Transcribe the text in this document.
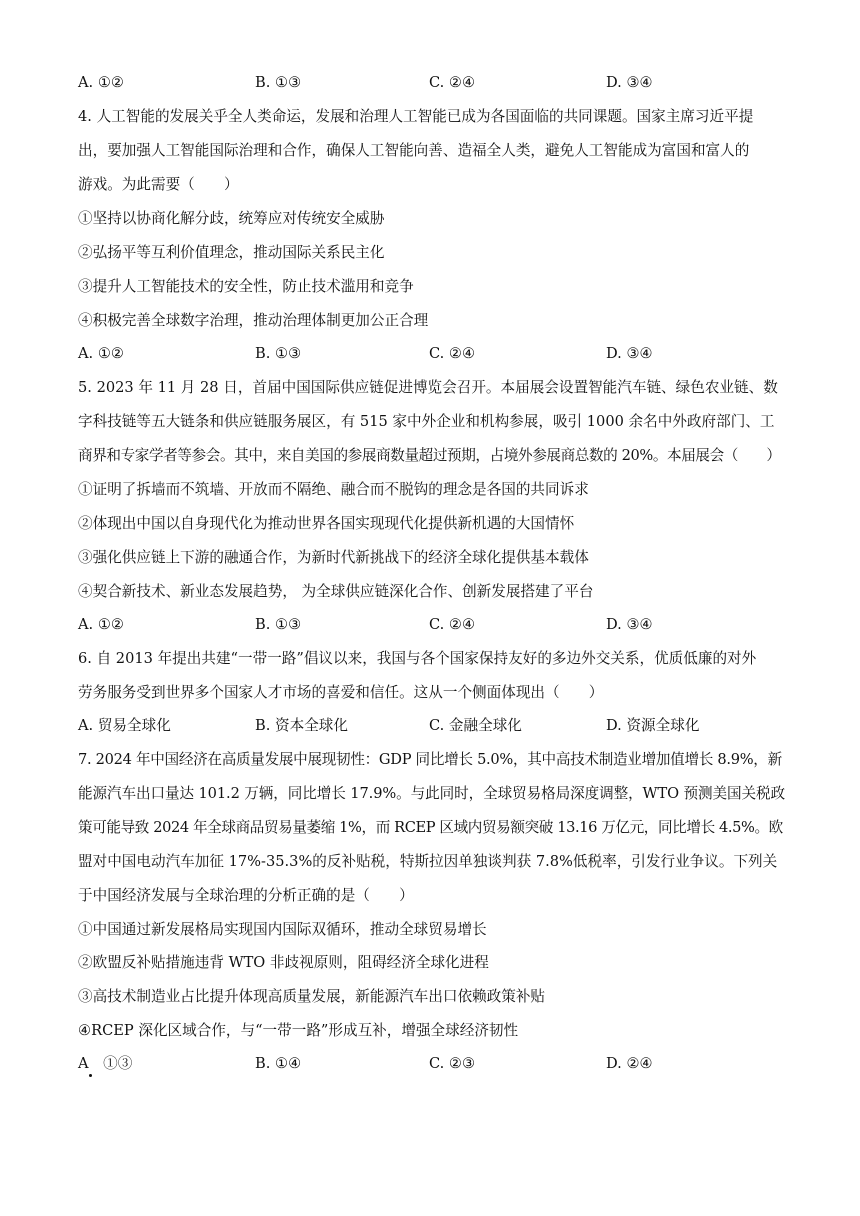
A. ①②	B. ①③	C. ②④	D. ③④
4. 人工智能的发展关乎全人类命运，发展和治理人工智能已成为各国面临的共同课题。国家主席习近平提
出，要加强人工智能国际治理和合作，确保人工智能向善、造福全人类，避免人工智能成为富国和富人的
游戏。为此需要（　　）
①坚持以协商化解分歧，统筹应对传统安全威胁
②弘扬平等互利价值理念，推动国际关系民主化
③提升人工智能技术的安全性，防止技术滥用和竞争
④积极完善全球数字治理，推动治理体制更加公正合理
A. ①②	B. ①③	C. ②④	D. ③④
5. 2023 年 11 月 28 日，首届中国国际供应链促进博览会召开。本届展会设置智能汽车链、绿色农业链、数
字科技链等五大链条和供应链服务展区，有 515 家中外企业和机构参展，吸引 1000 余名中外政府部门、工
商界和专家学者等参会。其中，来自美国的参展商数量超过预期，占境外参展商总数的 20%。本届展会（　　）
①证明了拆墙而不筑墙、开放而不隔绝、融合而不脱钩的理念是各国的共同诉求
②体现出中国以自身现代化为推动世界各国实现现代化提供新机遇的大国情怀
③强化供应链上下游的融通合作，为新时代新挑战下的经济全球化提供基本载体
④契合新技术、新业态发展趋势， 为全球供应链深化合作、创新发展搭建了平台
A. ①②	B. ①③	C. ②④	D. ③④
6. 自 2013 年提出共建“一带一路”倡议以来，我国与各个国家保持友好的多边外交关系，优质低廉的对外
劳务服务受到世界多个国家人才市场的喜爱和信任。这从一个侧面体现出（　　）
A. 贸易全球化	B. 资本全球化	C. 金融全球化	D. 资源全球化
7. 2024 年中国经济在高质量发展中展现韧性：GDP 同比增长 5.0%，其中高技术制造业增加值增长 8.9%，新
能源汽车出口量达 101.2 万辆，同比增长 17.9%。与此同时，全球贸易格局深度调整，WTO 预测美国关税政
策可能导致 2024 年全球商品贸易量萎缩 1%，而 RCEP 区域内贸易额突破 13.16 万亿元，同比增长 4.5%。欧
盟对中国电动汽车加征 17%-35.3%的反补贴税，特斯拉因单独谈判获 7.8%低税率，引发行业争议。下列关
于中国经济发展与全球治理的分析正确的是（　　）
①中国通过新发展格局实现国内国际双循环，推动全球贸易增长
②欧盟反补贴措施违背 WTO 非歧视原则，阻碍经济全球化进程
③高技术制造业占比提升体现高质量发展，新能源汽车出口依赖政策补贴
④RCEP 深化区域合作，与“一带一路”形成互补，增强全球经济韧性
A　①③	B. ①④	C. ②③	D. ②④
